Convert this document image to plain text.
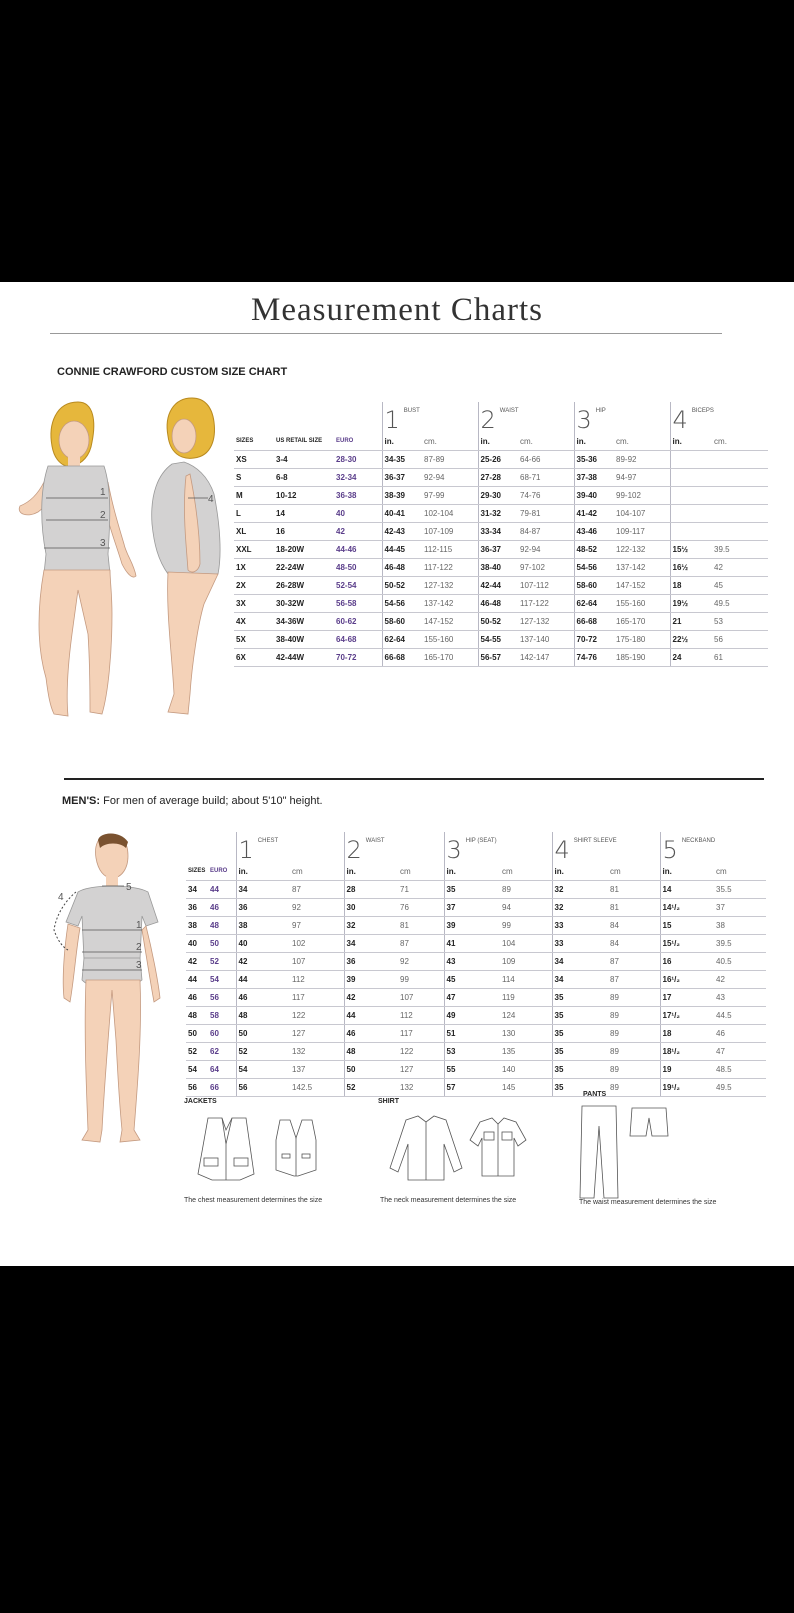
Measurement Charts
CONNIE CRAWFORD CUSTOM SIZE CHART
1
2
3
4
			1 $^{BUST}$		2 $^{WAIST}$		3 $^{HIP}$		4 $^{BICEPS}$
SIZES	US RETAIL SIZE	EURO	in.	cm.	in.	cm.	in.	cm.	in.	cm.
XS	3-4	28-30	34-35	87-89	25-26	64-66	35-36	89-92		
S	6-8	32-34	36-37	92-94	27-28	68-71	37-38	94-97		
M	10-12	36-38	38-39	97-99	29-30	74-76	39-40	99-102		
L	14	40	40-41	102-104	31-32	79-81	41-42	104-107		
XL	16	42	42-43	107-109	33-34	84-87	43-46	109-117		
XXL	18-20W	44-46	44-45	112-115	36-37	92-94	48-52	122-132	15½	39.5
1X	22-24W	48-50	46-48	117-122	38-40	97-102	54-56	137-142	16½	42
2X	26-28W	52-54	50-52	127-132	42-44	107-112	58-60	147-152	18	45
3X	30-32W	56-58	54-56	137-142	46-48	117-122	62-64	155-160	19½	49.5
4X	34-36W	60-62	58-60	147-152	50-52	127-132	66-68	165-170	21	53
5X	38-40W	64-68	62-64	155-160	54-55	137-140	70-72	175-180	22½	56
6X	42-44W	70-72	66-68	165-170	56-57	142-147	74-76	185-190	24	61
MEN'S: For men of average build; about 5'10" height.
1
2
3
4
5
		1 $^{CHEST}$		2 $^{WAIST}$		3 $^{HIP (SEAT)}$		4 $^{SHIRT SLEEVE}$		5 $^{NECKBAND}$
SIZES	EURO	in.	cm	in.	cm	in.	cm	in.	cm	in.	cm
34	44	34	87	28	71	35	89	32	81	14	35.5
36	46	36	92	30	76	37	94	32	81	14¹/₂	37
38	48	38	97	32	81	39	99	33	84	15	38
40	50	40	102	34	87	41	104	33	84	15¹/₂	39.5
42	52	42	107	36	92	43	109	34	87	16	40.5
44	54	44	112	39	99	45	114	34	87	16¹/₂	42
46	56	46	117	42	107	47	119	35	89	17	43
48	58	48	122	44	112	49	124	35	89	17¹/₂	44.5
50	60	50	127	46	117	51	130	35	89	18	46
52	62	52	132	48	122	53	135	35	89	18¹/₂	47
54	64	54	137	50	127	55	140	35	89	19	48.5
56	66	56	142.5	52	132	57	145	35	89	19¹/₂	49.5
JACKETS
The chest measurement determines the size
SHIRT
The neck measurement determines the size
PANTS
The waist measurement determines the size
